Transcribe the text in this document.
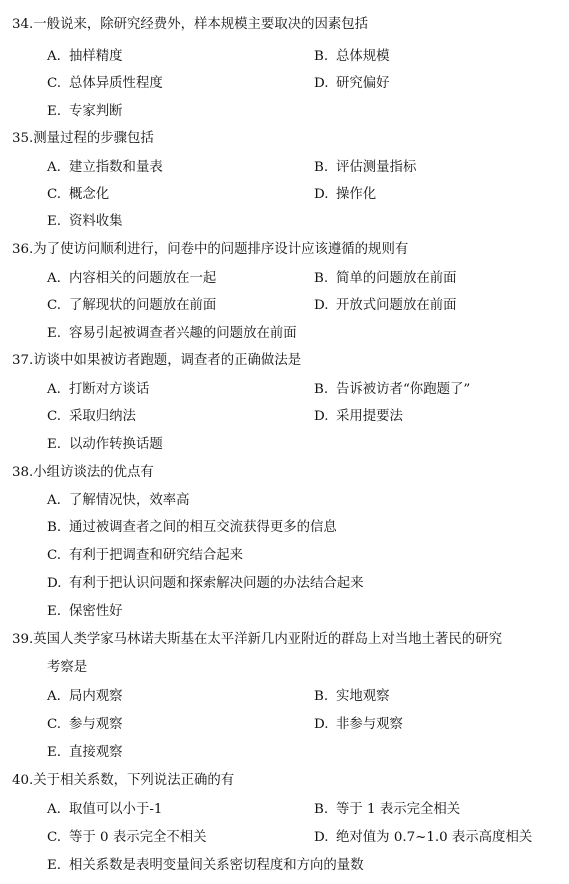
34.一般说来，除研究经费外，样本规模主要取决的因素包括
A. 抽样精度	B. 总体规模
C. 总体异质性程度	D. 研究偏好
E. 专家判断
35.测量过程的步骤包括
A. 建立指数和量表	B. 评估测量指标
C. 概念化	D. 操作化
E. 资料收集
36.为了使访问顺利进行，问卷中的问题排序设计应该遵循的规则有
A. 内容相关的问题放在一起	B. 简单的问题放在前面
C. 了解现状的问题放在前面	D. 开放式问题放在前面
E. 容易引起被调查者兴趣的问题放在前面
37.访谈中如果被访者跑题，调查者的正确做法是
A. 打断对方谈话	B. 告诉被访者“你跑题了”
C. 采取归纳法	D. 采用提要法
E. 以动作转换话题
38.小组访谈法的优点有
A. 了解情况快，效率高
B. 通过被调查者之间的相互交流获得更多的信息
C. 有利于把调查和研究结合起来
D. 有利于把认识问题和探索解决问题的办法结合起来
E. 保密性好
39.英国人类学家马林诺夫斯基在太平洋新几内亚附近的群岛上对当地土著民的研究
考察是
A. 局内观察	B. 实地观察
C. 参与观察	D. 非参与观察
E. 直接观察
40.关于相关系数，下列说法正确的有
A. 取值可以小于-1	B. 等于 1 表示完全相关
C. 等于 0 表示完全不相关	D. 绝对值为 0.7~1.0 表示高度相关
E. 相关系数是表明变量间关系密切程度和方向的量数
